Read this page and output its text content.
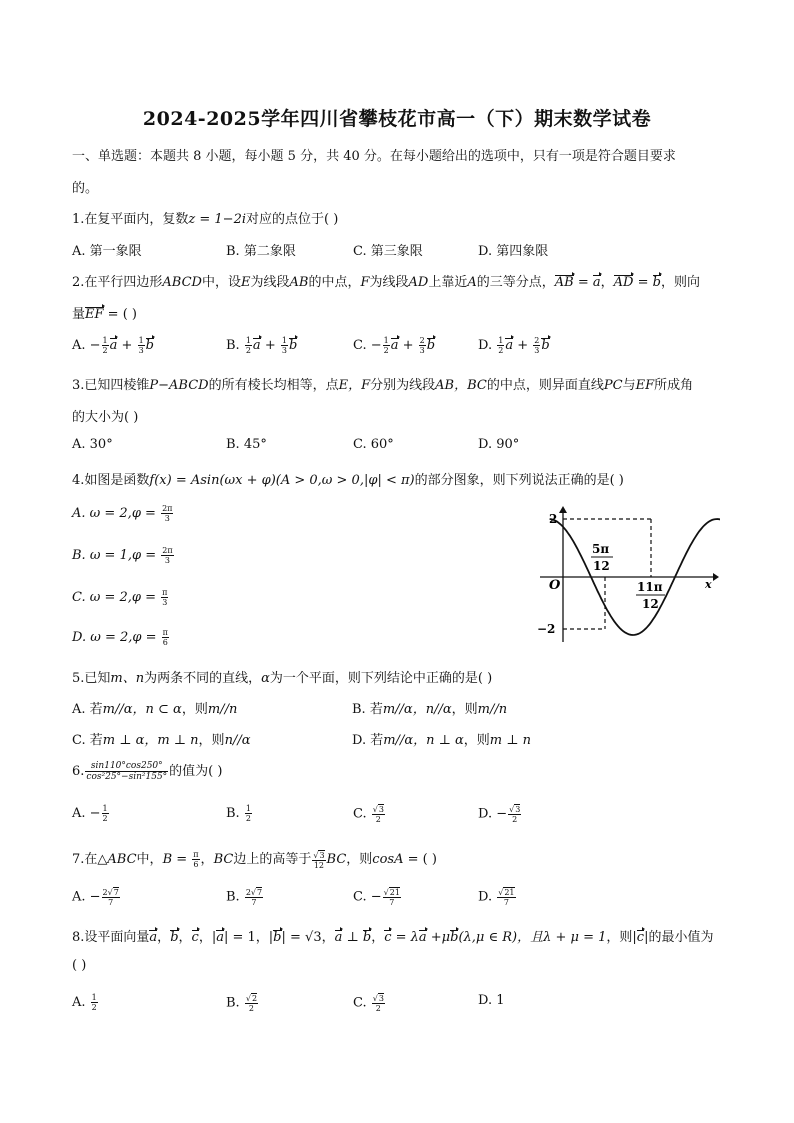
2024-2025学年四川省攀枝花市高一（下）期末数学试卷
一、单选题：本题共 8 小题，每小题 5 分，共 40 分。在每小题给出的选项中，只有一项是符合题目要求
的。
1.在复平面内，复数z = 1−2i对应的点位于( )
A. 第一象限	B. 第二象限	C. 第三象限	D. 第四象限
2.在平行四边形ABCD中，设E为线段AB的中点，F为线段AD上靠近A的三等分点，AB = a，AD = b，则向
量EF = ( )
A. − $\frac{1}{2}$ $a + \frac{1}{3}$ b	B. $\frac{1}{2}$ $a + \frac{1}{3}$ b	C. − $\frac{1}{2}$ $a + \frac{2}{3}$ b	D. $\frac{1}{2}$ $a + \frac{2}{3}$ b
3.已知四棱锥P−ABCD的所有棱长均相等，点E，F分别为线段AB，BC的中点，则异面直线PC与EF所成角
的大小为( )
A. 30°	B. 45°	C. 60°	D. 90°
4.如图是函数f(x) = Asin(ωx + φ)(A > 0,ω > 0,|φ| < π)的部分图象，则下列说法正确的是( )
A. $\omega = 2,\varphi = \frac{2\pi}{3}$
B. $\omega = 1,\varphi = \frac{2\pi}{3}$
C. $\omega = 2,\varphi = \frac{\pi}{3}$
D. $\omega = 2,\varphi = \frac{\pi}{6}$
2
−2
O	x
5π
12
11π
12
5.已知m、n为两条不同的直线，α为一个平面，则下列结论中正确的是( )
A. 若m//α，n ⊂ α，则m//n	B. 若m//α，n//α，则m//n
C. 若m ⊥ α，m ⊥ n，则n//α	D. 若m//α，n ⊥ α，则m ⊥ n
6. $\frac{\sin 110^\circ\cos 250^\circ}{\text{cos²25°−sin²155°}}$ 的值为( )
A. − $\frac{1}{2}$	B. $\frac{1}{2}$	C. $\frac{√3}{2}$	D. − $\frac{√3}{2}$
7.在△ABC中，$B = \frac{\pi}{6}$ ，BC边上的高等于 $\frac{√3}{12}$ BC，则cosA = ( )
A. − $\frac{2√7}{7}$	B. $\frac{2√7}{7}$	C. − $\frac{√21}{7}$	D. $\frac{√21}{7}$
8.设平面向量a，b，c，|a| = 1，|b| = √3，a ⊥ b，c = λa +μb(λ,μ ∈ R)，且λ + μ = 1，则|c|的最小值为
( )
A. $\frac{1}{2}$	B. $\frac{√2}{2}$	C. $\frac{√3}{2}$	D. 1
